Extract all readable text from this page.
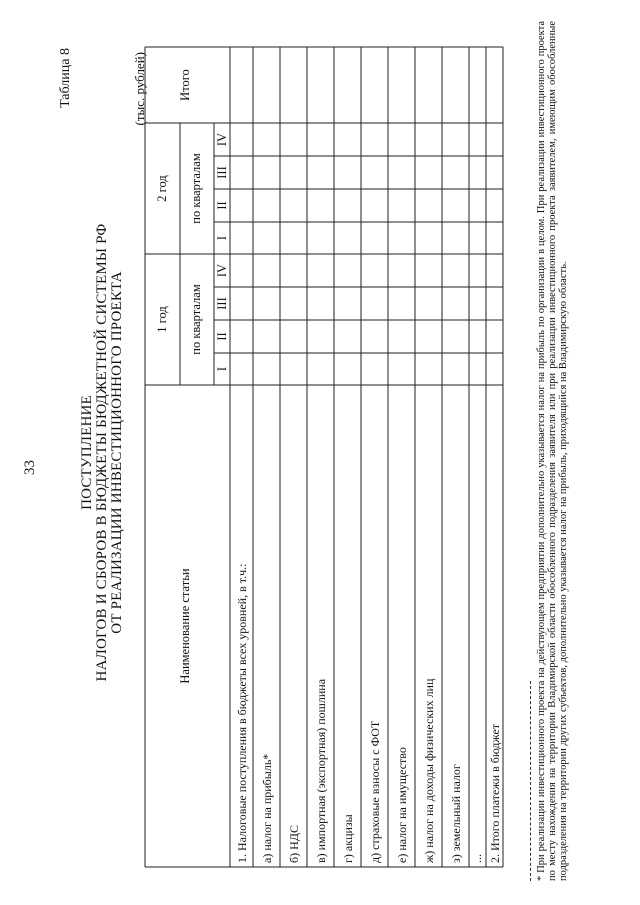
33
Таблица 8
ПОСТУПЛЕНИЕ НАЛОГОВ И СБОРОВ В БЮДЖЕТЫ БЮДЖЕТНОЙ СИСТЕМЫ РФ ОТ РЕАЛИЗАЦИИ ИНВЕСТИЦИОННОГО ПРОЕКТА
(тыс. рублей)
Наименование статьи
1 год
2 год
по кварталам
по кварталам
Итого
I
II
III
IV
I
II
III
IV
1. Налоговые поступления в бюджеты всех уровней, в т.ч.: а) налог на прибыль* б) НДС в) импортная (экспортная) пошлина г) акцизы д) страховые взносы с ФОТ е) налог на имущество ж) налог на доходы физических лиц з) земельный налог ... 2. Итого платежи в бюджет	* При реализации инвестиционного проекта на действующем предприятии дополнительно указывается налог на прибыль по организации в целом. При реализации инвестиционного проекта по месту нахождения на территории Владимирской области обособленного подразделения заявителя или при реализации инвестиционного проекта заявителем, имеющим обособленные подразделения на территории других субъектов, дополнительно указывается налог на прибыль, приходящийся на Владимирскую область.
